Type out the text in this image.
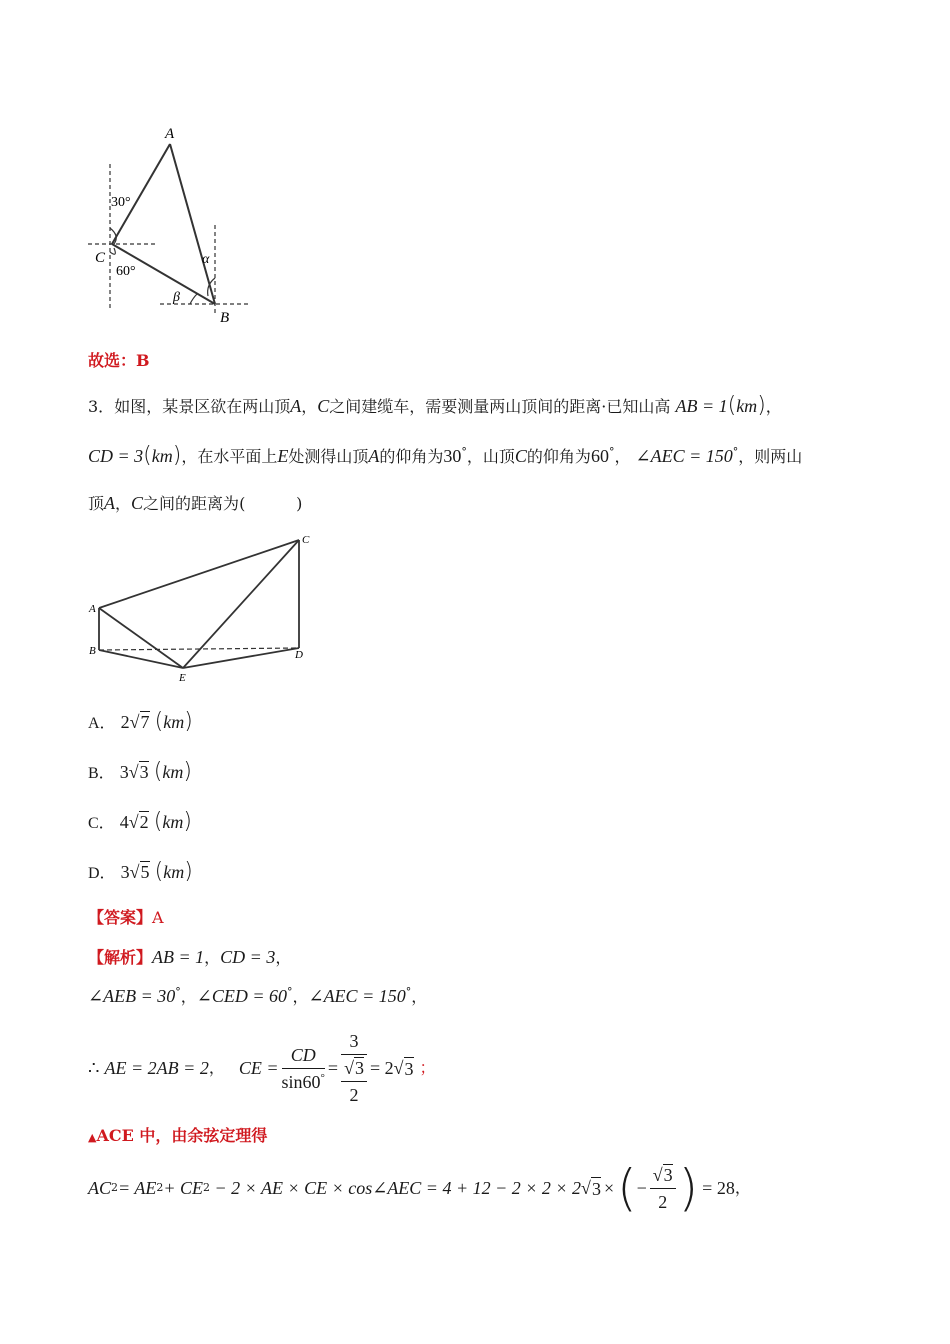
A
C
B
30°
60°
α
β
故选：B
3．如图，某景区欲在两山顶A，C之间建缆车，需要测量两山顶间的距离·已知山高 AB = 1(km)，
CD = 3(km)，在水平面上E处测得山顶A的仰角为30°，山顶C的仰角为60°， ∠AEC = 150°，则两山
顶A，C之间的距离为(          )
A
B
C
D
E
A． 2√7 (km)
B． 3√3 (km)
C． 4√2 (km)
D． 3√5 (km)
【答案】A
【解析】AB = 1，CD = 3，
∠AEB = 30°，∠CED = 60°，∠AEC = 150°，
∴
AE = 2AB = 2 ， CE = $\frac{CD}{\sin 60^\circ} = \frac{3}{\frac{√3}{2}} = 2$ √ 3 ；
▲ACE 中，由余弦定理得
AC 2 = AE 2 + CE 2 − 2 × AE × CE × cos∠AEC = 4 + 12 − 2 × 2 × 2 √ 3 × ( − $\frac{√3}{2}$ ) = 28 ，
